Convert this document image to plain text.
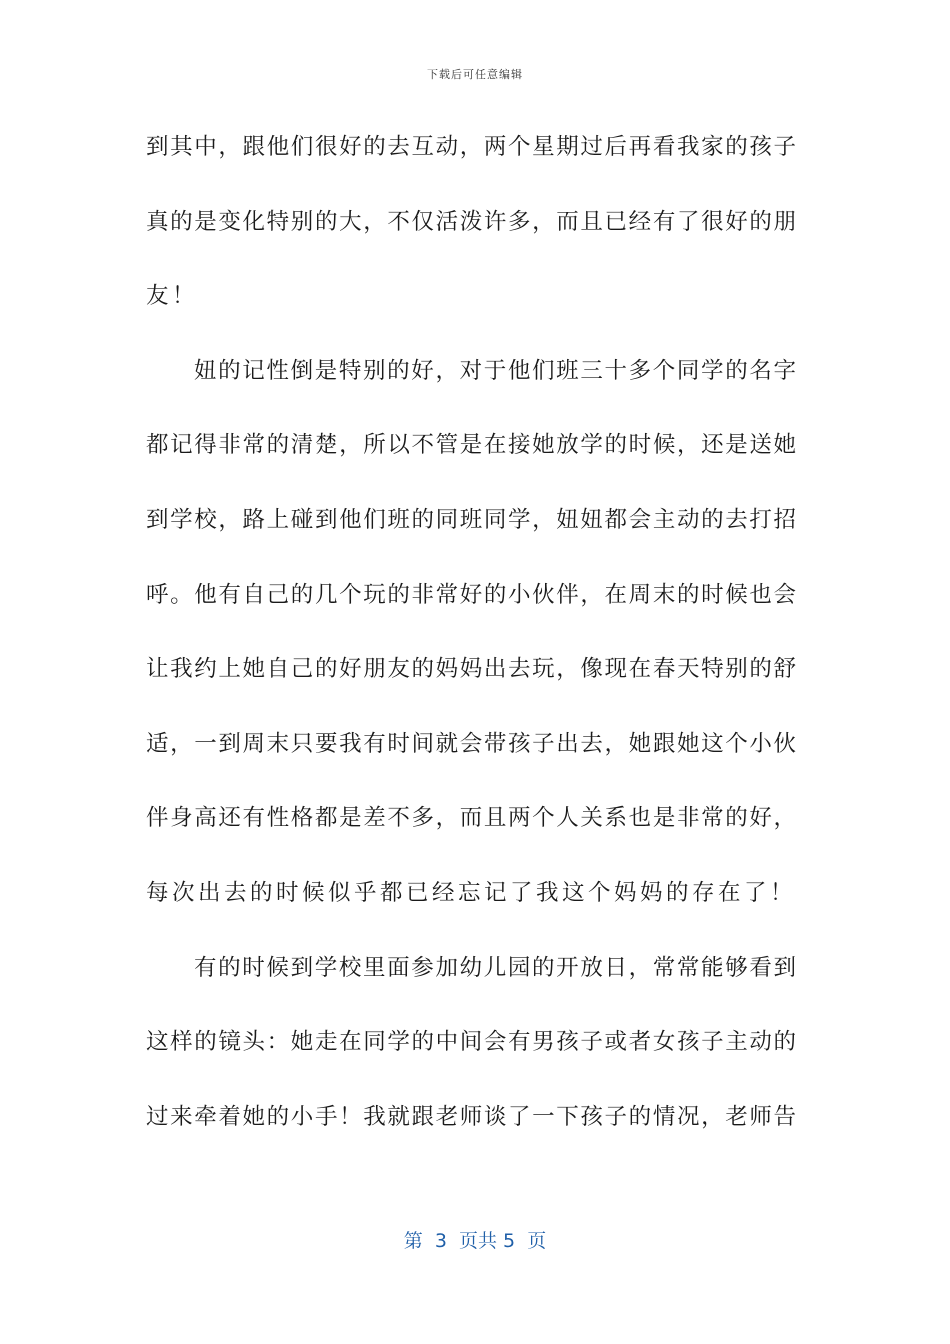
下载后可任意编辑
到其中，跟他们很好的去互动，两个星期过后再看我家的孩子
真的是变化特别的大，不仅活泼许多，而且已经有了很好的朋
友！
妞的记性倒是特别的好，对于他们班三十多个同学的名字
都记得非常的清楚，所以不管是在接她放学的时候，还是送她
到学校，路上碰到他们班的同班同学，妞妞都会主动的去打招
呼。他有自己的几个玩的非常好的小伙伴，在周末的时候也会
让我约上她自己的好朋友的妈妈出去玩，像现在春天特别的舒
适，一到周末只要我有时间就会带孩子出去，她跟她这个小伙
伴身高还有性格都是差不多，而且两个人关系也是非常的好，
每次出去的时候似乎都已经忘记了我这个妈妈的存在了！
有的时候到学校里面参加幼儿园的开放日，常常能够看到
这样的镜头：她走在同学的中间会有男孩子或者女孩子主动的
过来牵着她的小手！我就跟老师谈了一下孩子的情况，老师告
第  3  页共 5  页
